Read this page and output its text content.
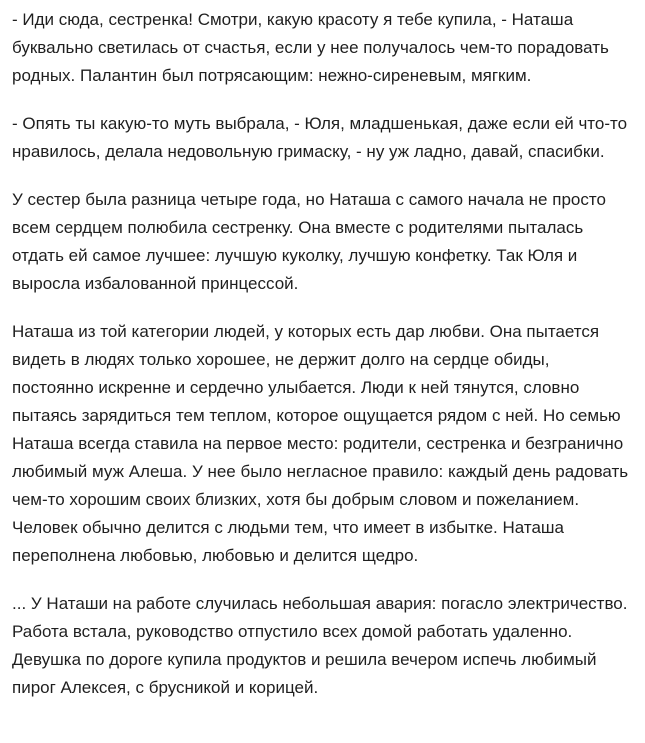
- Иди сюда, сестренка! Смотри, какую красоту я тебе купила, - Наташа буквально светилась от счастья, если у нее получалось чем-то порадовать родных. Палантин был потрясающим: нежно-сиреневым, мягким.

- Опять ты какую-то муть выбрала, - Юля, младшенькая, даже если ей что-то нравилось, делала недовольную гримаску, - ну уж ладно, давай, спасибки.

У сестер была разница четыре года, но Наташа с самого начала не просто всем сердцем полюбила сестренку. Она вместе с родителями пыталась отдать ей самое лучшее: лучшую куколку, лучшую конфетку. Так Юля и выросла избалованной принцессой.

Наташа из той категории людей, у которых есть дар любви. Она пытается видеть в людях только хорошее, не держит долго на сердце обиды, постоянно искренне и сердечно улыбается. Люди к ней тянутся, словно пытаясь зарядиться тем теплом, которое ощущается рядом с ней. Но семью Наташа всегда ставила на первое место: родители, сестренка и безгранично любимый муж Алеша. У нее было негласное правило: каждый день радовать чем-то хорошим своих близких, хотя бы добрым словом и пожеланием. Человек обычно делится с людьми тем, что имеет в избытке. Наташа переполнена любовью, любовью и делится щедро.

... У Наташи на работе случилась небольшая авария: погасло электричество. Работа встала, руководство отпустило всех домой работать удаленно. Девушка по дороге купила продуктов и решила вечером испечь любимый пирог Алексея, с брусникой и корицей.
